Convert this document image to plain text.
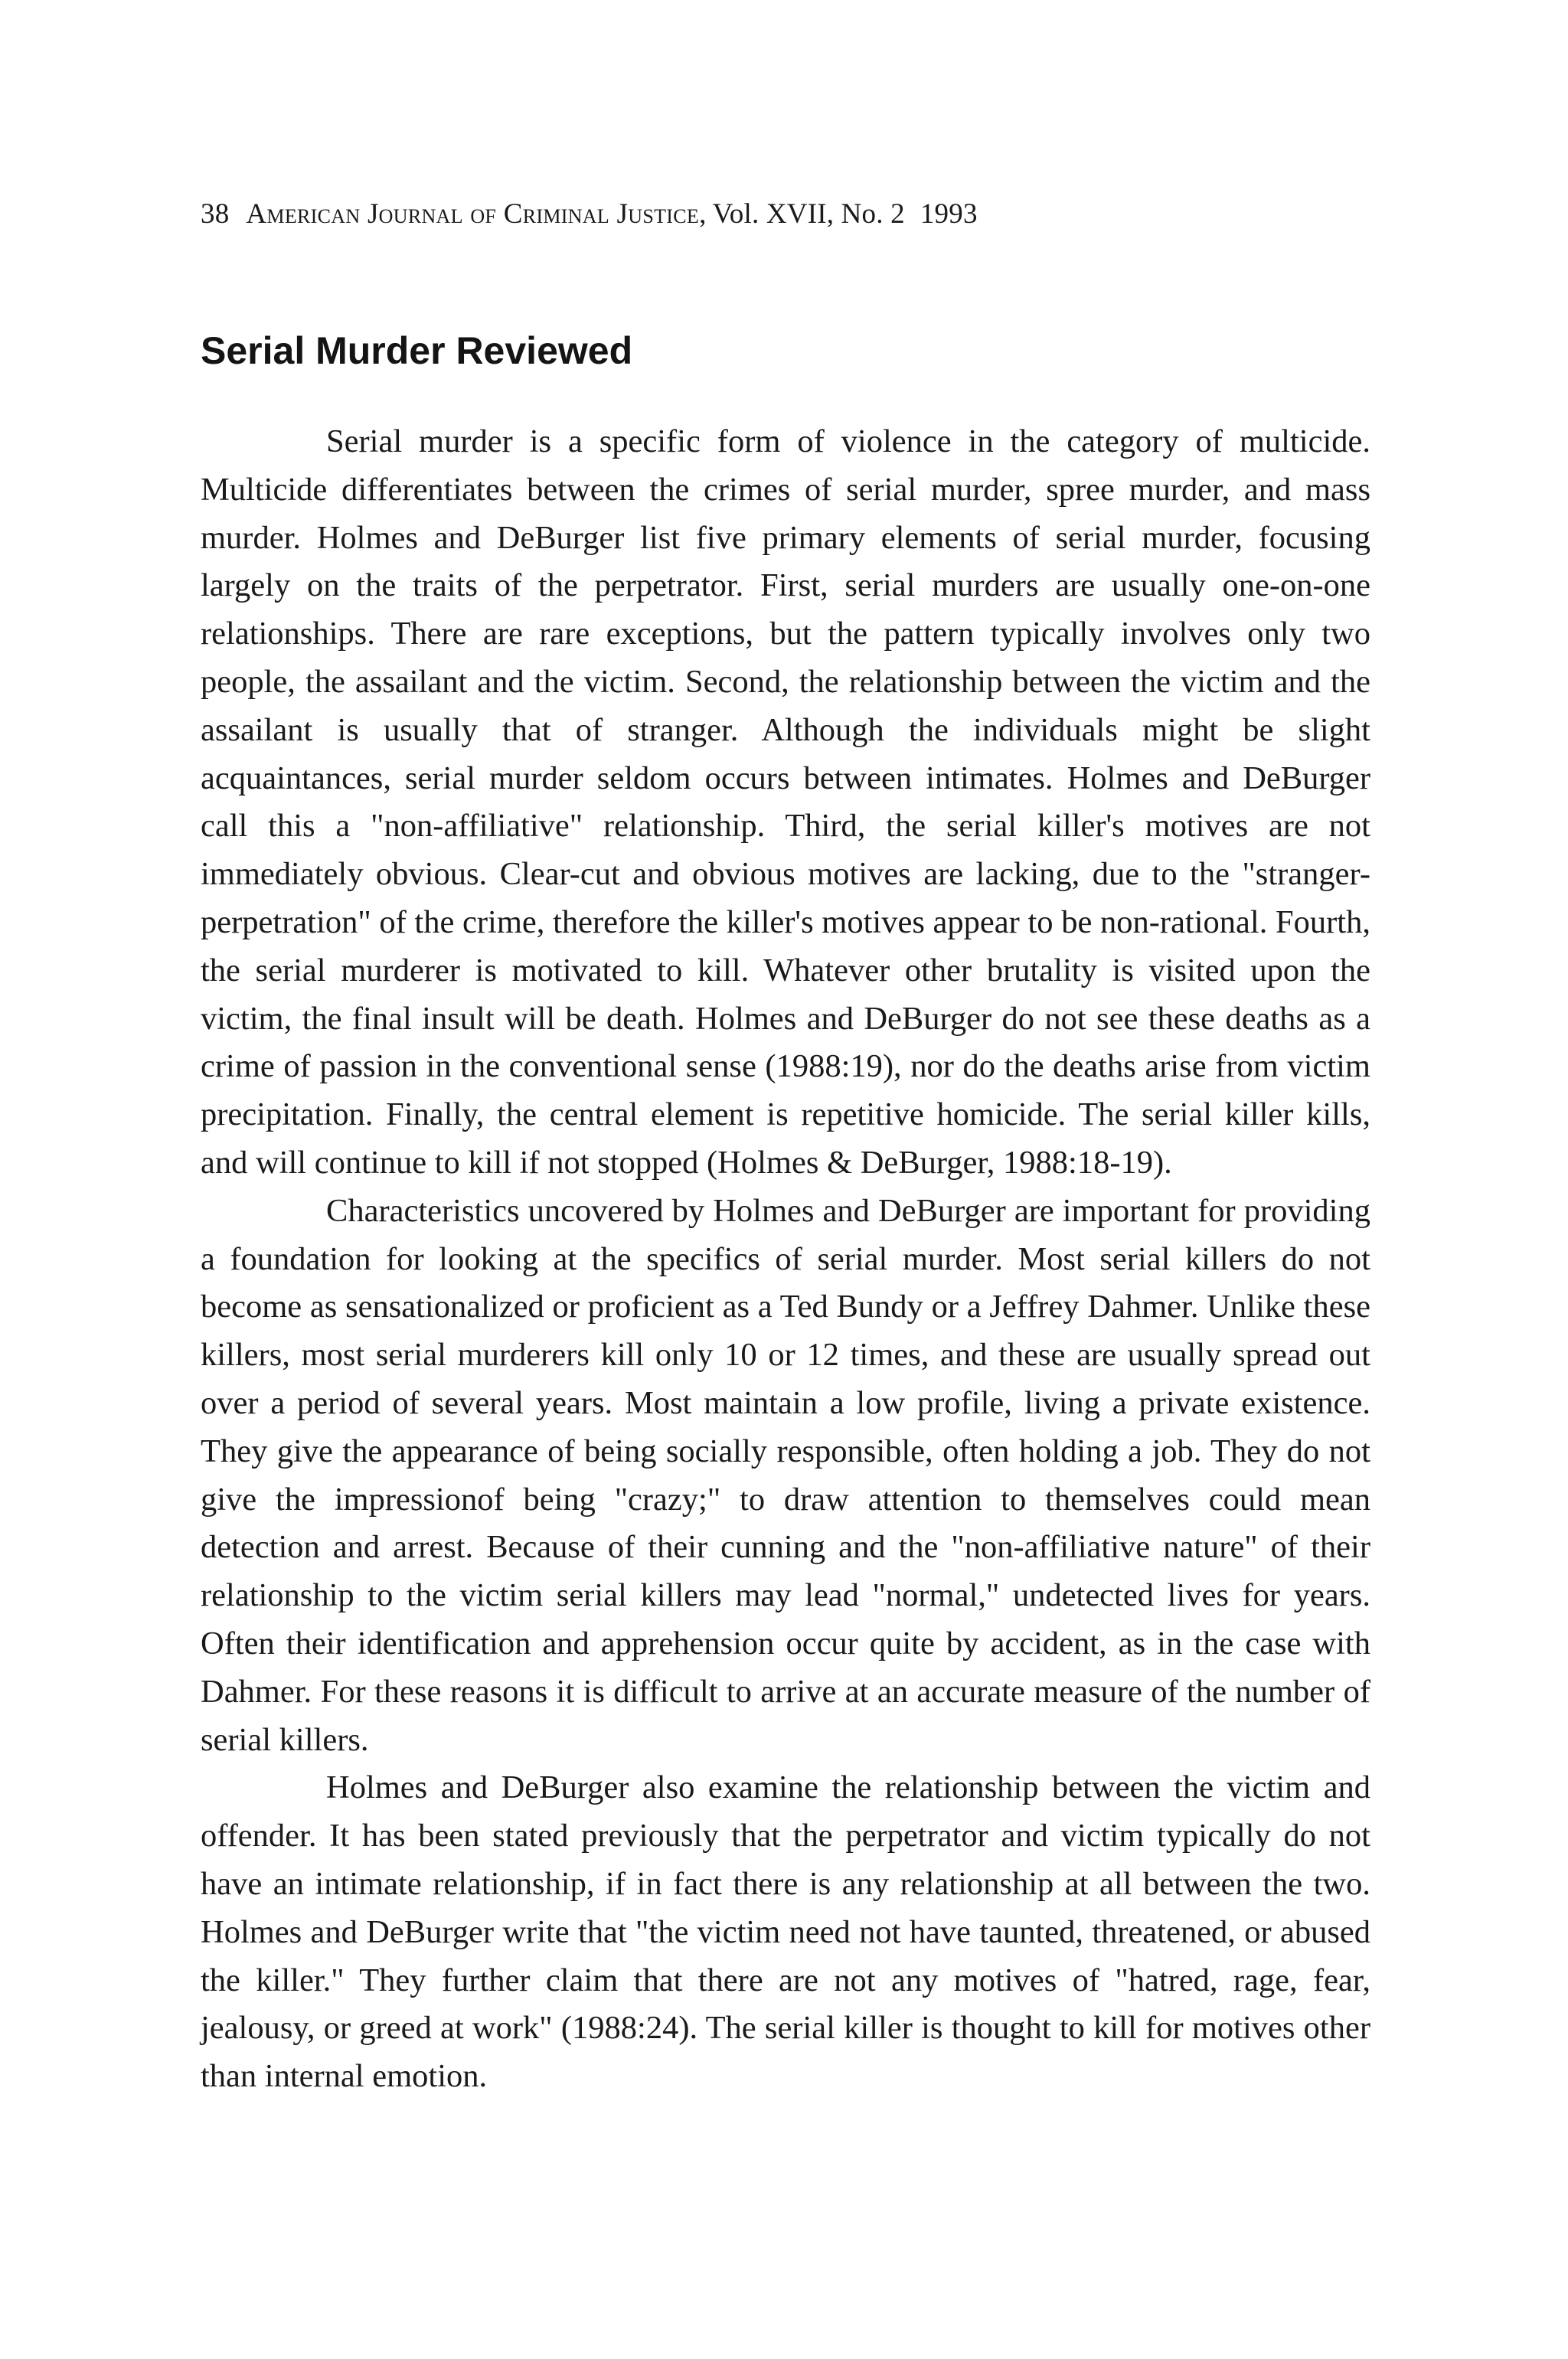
38 American Journal of Criminal Justice, Vol. XVII, No. 2 1993
Serial Murder Reviewed

Serial murder is a specific form of violence in the category of multicide. Multicide differentiates between the crimes of serial murder, spree murder, and mass murder. Holmes and DeBurger list five primary elements of serial murder, focusing largely on the traits of the perpetrator. First, serial murders are usually one-on-one relationships. There are rare exceptions, but the pattern typically involves only two people, the assailant and the victim. Second, the relationship between the victim and the assailant is usually that of stranger. Although the individuals might be slight acquaintances, serial murder seldom occurs between intimates. Holmes and DeBurger call this a "non-affiliative" relationship. Third, the serial killer's motives are not immediately obvious. Clear-cut and obvious motives are lacking, due to the "stranger-perpetration" of the crime, therefore the killer's motives appear to be non-rational. Fourth, the serial murderer is motivated to kill. Whatever other brutality is visited upon the victim, the final insult will be death. Holmes and DeBurger do not see these deaths as a crime of passion in the conventional sense (1988:19), nor do the deaths arise from victim precipitation. Finally, the central element is repetitive homicide. The serial killer kills, and will continue to kill if not stopped (Holmes & DeBurger, 1988:18-19).

Characteristics uncovered by Holmes and DeBurger are important for providing a foundation for looking at the specifics of serial murder. Most serial killers do not become as sensationalized or proficient as a Ted Bundy or a Jeffrey Dahmer. Unlike these killers, most serial murderers kill only 10 or 12 times, and these are usually spread out over a period of several years. Most maintain a low profile, living a private existence. They give the appearance of being socially responsible, often holding a job. They do not give the impressionof being "crazy;" to draw attention to themselves could mean detection and arrest. Because of their cunning and the "non-affiliative nature" of their relationship to the victim serial killers may lead "normal," undetected lives for years. Often their identification and apprehension occur quite by accident, as in the case with Dahmer. For these reasons it is difficult to arrive at an accurate measure of the number of serial killers.

Holmes and DeBurger also examine the relationship between the victim and offender. It has been stated previously that the perpetrator and victim typically do not have an intimate relationship, if in fact there is any relationship at all between the two. Holmes and DeBurger write that "the victim need not have taunted, threatened, or abused the killer." They further claim that there are not any motives of "hatred, rage, fear, jealousy, or greed at work" (1988:24). The serial killer is thought to kill for motives other than internal emotion.
